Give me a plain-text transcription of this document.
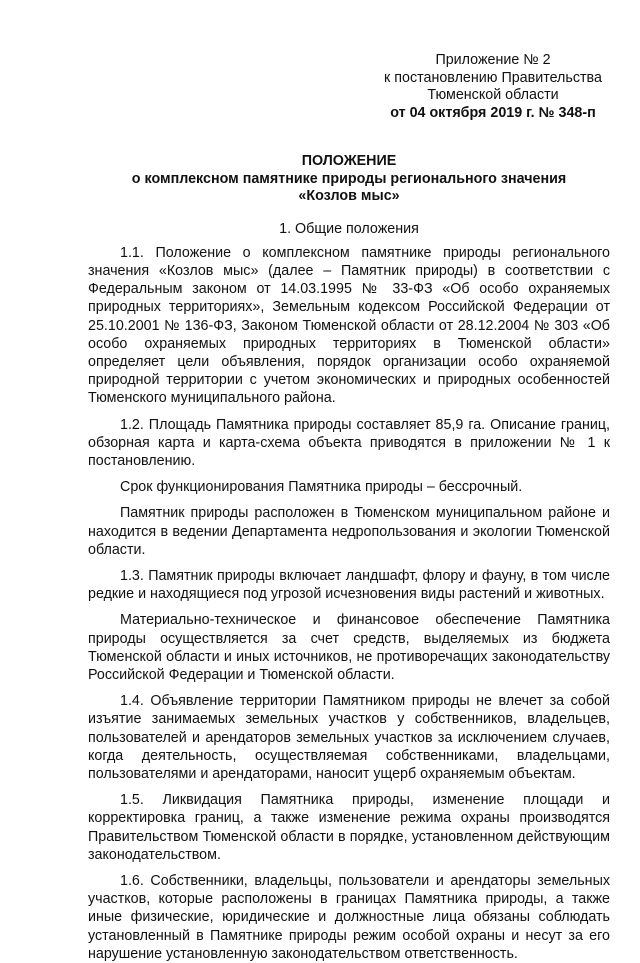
Приложение № 2
к постановлению Правительства
Тюменской области
от 04 октября 2019 г. № 348-п
ПОЛОЖЕНИЕ
о комплексном памятнике природы регионального значения
«Козлов мыс»
1. Общие положения

1.1. Положение о комплексном памятнике природы регионального значения «Козлов мыс» (далее – Памятник природы) в соответствии с Федеральным законом от 14.03.1995 № 33-ФЗ «Об особо охраняемых природных территориях», Земельным кодексом Российской Федерации от 25.10.2001 № 136-ФЗ, Законом Тюменской области от 28.12.2004 № 303 «Об особо охраняемых природных территориях в Тюменской области» определяет цели объявления, порядок организации особо охраняемой природной территории с учетом экономических и природных особенностей Тюменского муниципального района.

1.2. Площадь Памятника природы составляет 85,9 га. Описание границ, обзорная карта и карта-схема объекта приводятся в приложении № 1 к постановлению.

Срок функционирования Памятника природы – бессрочный.

Памятник природы расположен в Тюменском муниципальном районе и находится в ведении Департамента недропользования и экологии Тюменской области.

1.3. Памятник природы включает ландшафт, флору и фауну, в том числе редкие и находящиеся под угрозой исчезновения виды растений и животных.

Материально-техническое и финансовое обеспечение Памятника природы осуществляется за счет средств, выделяемых из бюджета Тюменской области и иных источников, не противоречащих законодательству Российской Федерации и Тюменской области.

1.4. Объявление территории Памятником природы не влечет за собой изъятие занимаемых земельных участков у собственников, владельцев, пользователей и арендаторов земельных участков за исключением случаев, когда деятельность, осуществляемая собственниками, владельцами, пользователями и арендаторами, наносит ущерб охраняемым объектам.

1.5. Ликвидация Памятника природы, изменение площади и корректировка границ, а также изменение режима охраны производятся Правительством Тюменской области в порядке, установленном действующим законодательством.

1.6. Собственники, владельцы, пользователи и арендаторы земельных участков, которые расположены в границах Памятника природы, а также иные физические, юридические и должностные лица обязаны соблюдать установленный в Памятнике природы режим особой охраны и несут за его нарушение установленную законодательством ответственность.
